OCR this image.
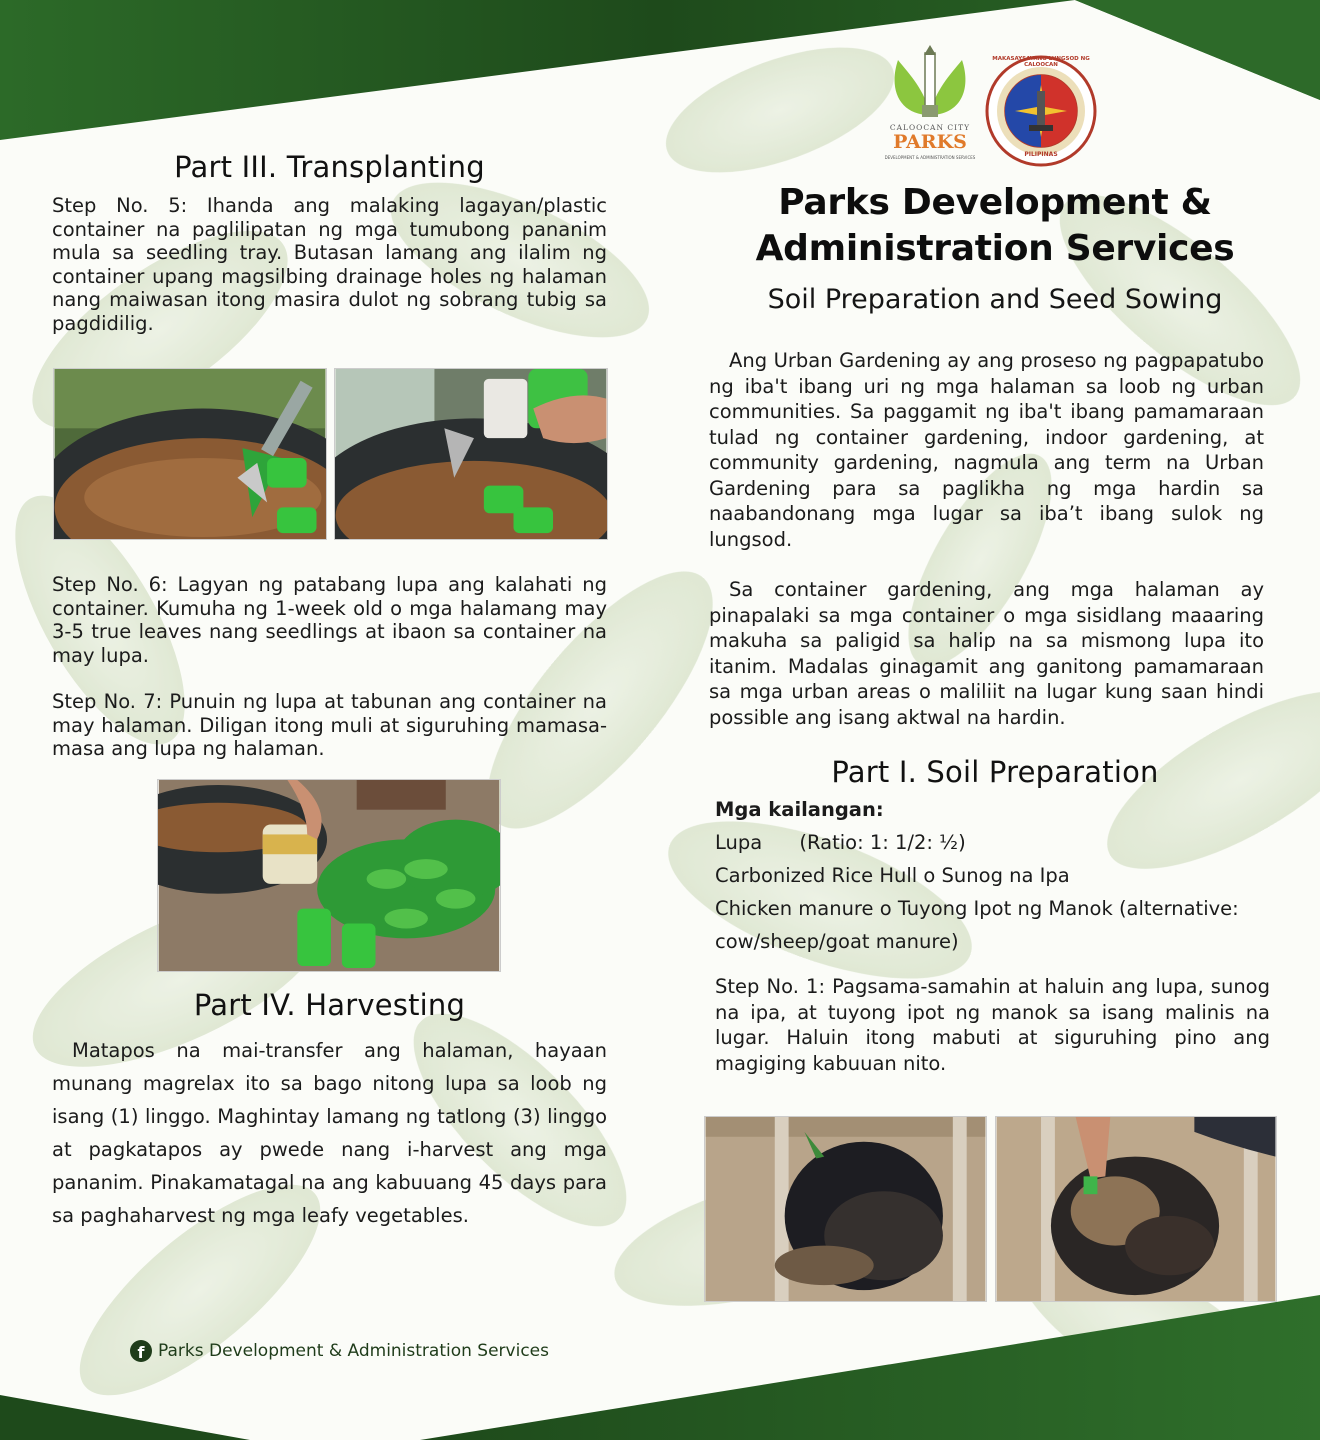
Part III. Transplanting

Step No. 5: Ihanda ang malaking lagayan/plastic container na paglilipatan ng mga tumubong pananim mula sa seedling tray. Butasan lamang ang ilalim ng container upang magsilbing drainage holes ng halaman nang maiwasan itong masira dulot ng sobrang tubig sa pagdidilig.

Step No. 6: Lagyan ng patabang lupa ang kalahati ng container. Kumuha ng 1-week old o mga halamang may 3-5 true leaves nang seedlings at ibaon sa container na may lupa.

Step No. 7: Punuin ng lupa at tabunan ang container na may halaman. Diligan itong muli at siguruhing mamasa-masa ang lupa ng halaman.

Part IV. Harvesting

Matapos na mai-transfer ang halaman, hayaan munang magrelax ito sa bago nitong lupa sa loob ng isang (1) linggo. Maghintay lamang ng tatlong (3) linggo at pagkatapos ay pwede nang i-harvest ang mga pananim. Pinakamatagal na ang kabuuang 45 days para sa paghaharvest ng mga leafy vegetables.

f Parks Development & Administration Services
CALOOCAN CITY
PARKS
DEVELOPMENT & ADMINISTRATION SERVICES
MAKASAYSAYANG LUNGSOD NG CALOOCAN
PILIPINAS
Parks Development &
Administration Services
Soil Preparation and Seed Sowing

Ang Urban Gardening ay ang proseso ng pagpapatubo ng iba't ibang uri ng mga halaman sa loob ng urban communities. Sa paggamit ng iba't ibang pamamaraan tulad ng container gardening, indoor gardening, at community gardening, nagmula ang term na Urban Gardening para sa paglikha ng mga hardin sa naabandonang mga lugar sa iba’t ibang sulok ng lungsod.

Sa container gardening, ang mga halaman ay pinapalaki sa mga container o mga sisidlang maaaring makuha sa paligid sa halip na sa mismong lupa ito itanim. Madalas ginagamit ang ganitong pamamaraan sa mga urban areas o maliliit na lugar kung saan hindi possible ang isang aktwal na hardin.

Part I. Soil Preparation
Mga kailangan:
Lupa      (Ratio: 1: 1/2: ½)
Carbonized Rice Hull o Sunog na Ipa
Chicken manure o Tuyong Ipot ng Manok (alternative: cow/sheep/goat manure)

Step No. 1: Pagsama-samahin at haluin ang lupa, sunog na ipa, at tuyong ipot ng manok sa isang malinis na lugar. Haluin itong mabuti at siguruhing pino ang magiging kabuuan nito.
